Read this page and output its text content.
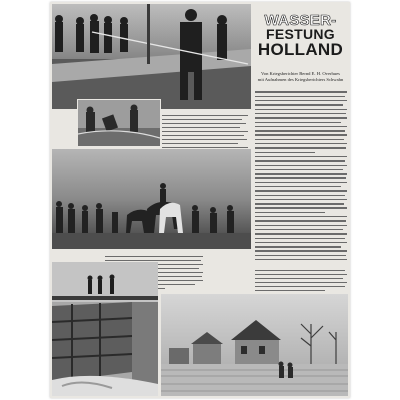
WASSER-
FESTUNG
HOLLAND
Von Kriegsberichter Bernd E. H. Overhues
mit Aufnahmen des Kriegsberichters Schwahn
